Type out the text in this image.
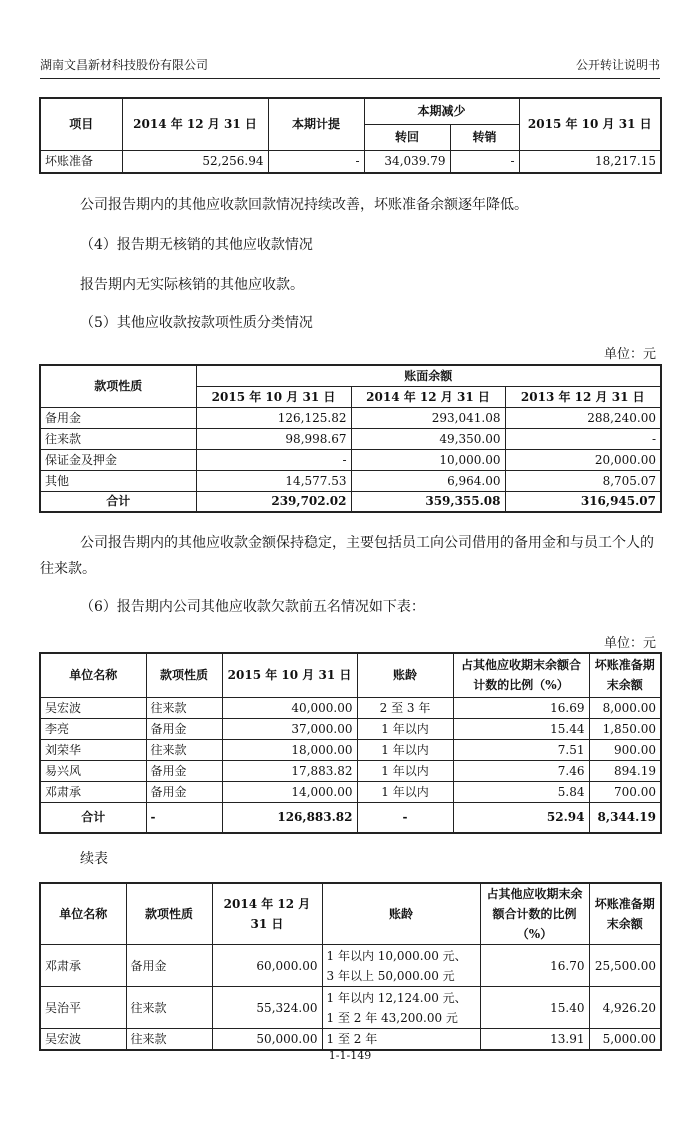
湖南文昌新材科技股份有限公司	公开转让说明书
项目	2014 年 12 月 31 日	本期计提	本期减少		2015 年 10 月 31 日
			转回	转销	
坏账准备	52,256.94	-	34,039.79	-	18,217.15
公司报告期内的其他应收款回款情况持续改善，坏账准备余额逐年降低。
（4）报告期无核销的其他应收款情况
报告期内无实际核销的其他应收款。
（5）其他应收款按款项性质分类情况
单位：元
款项性质	账面余额		
	2015 年 10 月 31 日	2014 年 12 月 31 日	2013 年 12 月 31 日
备用金	126,125.82	293,041.08	288,240.00
往来款	98,998.67	49,350.00	-
保证金及押金	-	10,000.00	20,000.00
其他	14,577.53	6,964.00	8,705.07
合计	239,702.02	359,355.08	316,945.07
公司报告期内的其他应收款金额保持稳定，主要包括员工向公司借用的备用金和与员工个人的往来款。
（6）报告期内公司其他应收款欠款前五名情况如下表：
单位：元
单位名称	款项性质	2015 年 10 月 31 日	账龄	占其他应收期末余额合计数的比例（%）	坏账准备期末余额
吴宏波	往来款	40,000.00	2 至 3 年	16.69	8,000.00
李亮	备用金	37,000.00	1 年以内	15.44	1,850.00
刘荣华	往来款	18,000.00	1 年以内	7.51	900.00
易兴风	备用金	17,883.82	1 年以内	7.46	894.19
邓肃承	备用金	14,000.00	1 年以内	5.84	700.00
合计	-	126,883.82	-	52.94	8,344.19
续表
单位名称	款项性质	2014 年 12 月 31 日	账龄	占其他应收期末余额合计数的比例（%）	坏账准备期末余额
邓肃承	备用金	60,000.00	1 年以内 10,000.00 元、
3 年以上 50,000.00 元	16.70	25,500.00
吴治平	往来款	55,324.00	1 年以内 12,124.00 元、
1 至 2 年 43,200.00 元	15.40	4,926.20
吴宏波	往来款	50,000.00	1 至 2 年	13.91	5,000.00
1-1-149
